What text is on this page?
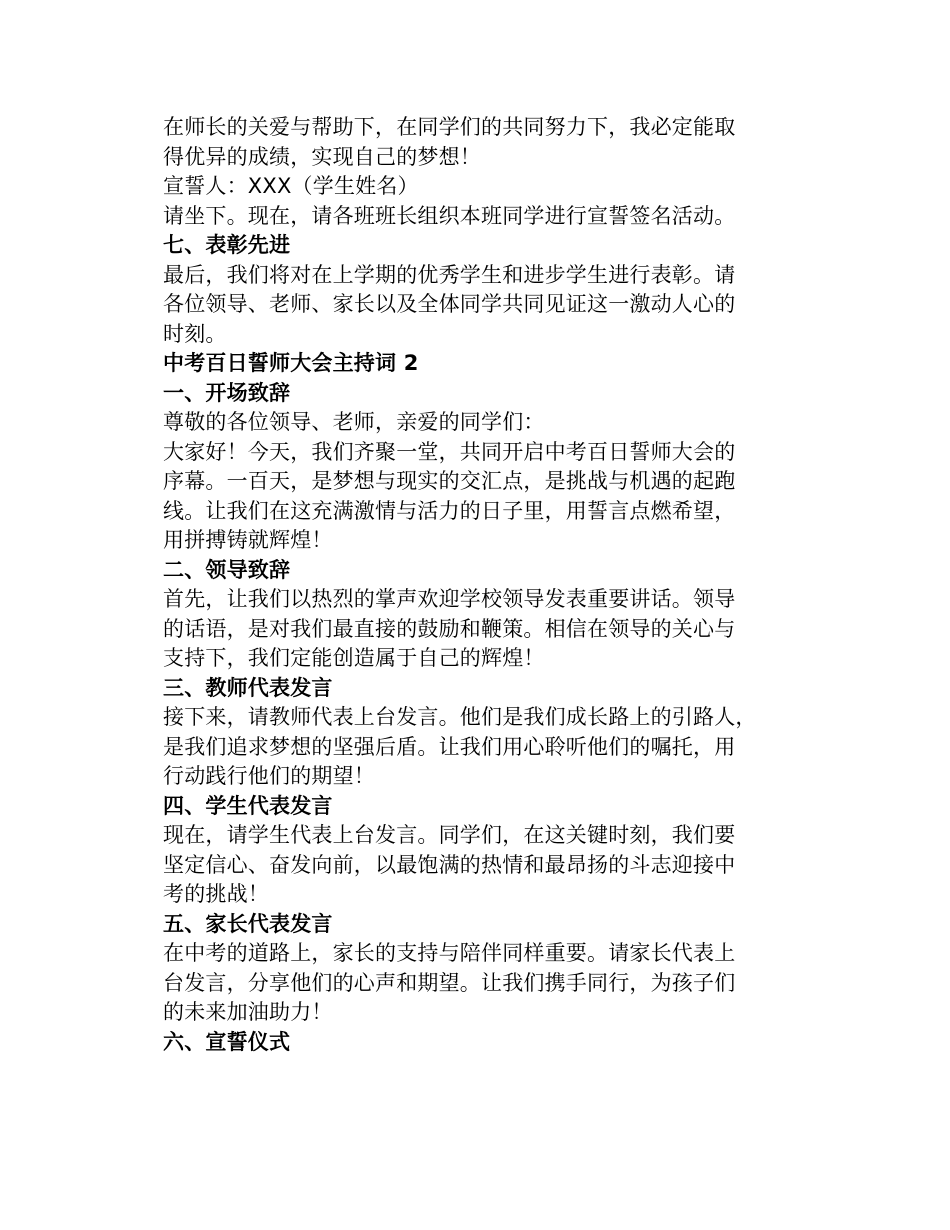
在师长的关爱与帮助下，在同学们的共同努力下，我必定能取
得优异的成绩，实现自己的梦想！
宣誓人：XXX（学生姓名）
请坐下。现在，请各班班长组织本班同学进行宣誓签名活动。
七、表彰先进
最后，我们将对在上学期的优秀学生和进步学生进行表彰。请
各位领导、老师、家长以及全体同学共同见证这一激动人心的
时刻。
中考百日誓师大会主持词 2
一、开场致辞
尊敬的各位领导、老师，亲爱的同学们：
大家好！今天，我们齐聚一堂，共同开启中考百日誓师大会的
序幕。一百天，是梦想与现实的交汇点，是挑战与机遇的起跑
线。让我们在这充满激情与活力的日子里，用誓言点燃希望，
用拼搏铸就辉煌！
二、领导致辞
首先，让我们以热烈的掌声欢迎学校领导发表重要讲话。领导
的话语，是对我们最直接的鼓励和鞭策。相信在领导的关心与
支持下，我们定能创造属于自己的辉煌！
三、教师代表发言
接下来，请教师代表上台发言。他们是我们成长路上的引路人，
是我们追求梦想的坚强后盾。让我们用心聆听他们的嘱托，用
行动践行他们的期望！
四、学生代表发言
现在，请学生代表上台发言。同学们，在这关键时刻，我们要
坚定信心、奋发向前，以最饱满的热情和最昂扬的斗志迎接中
考的挑战！
五、家长代表发言
在中考的道路上，家长的支持与陪伴同样重要。请家长代表上
台发言，分享他们的心声和期望。让我们携手同行，为孩子们
的未来加油助力！
六、宣誓仪式
